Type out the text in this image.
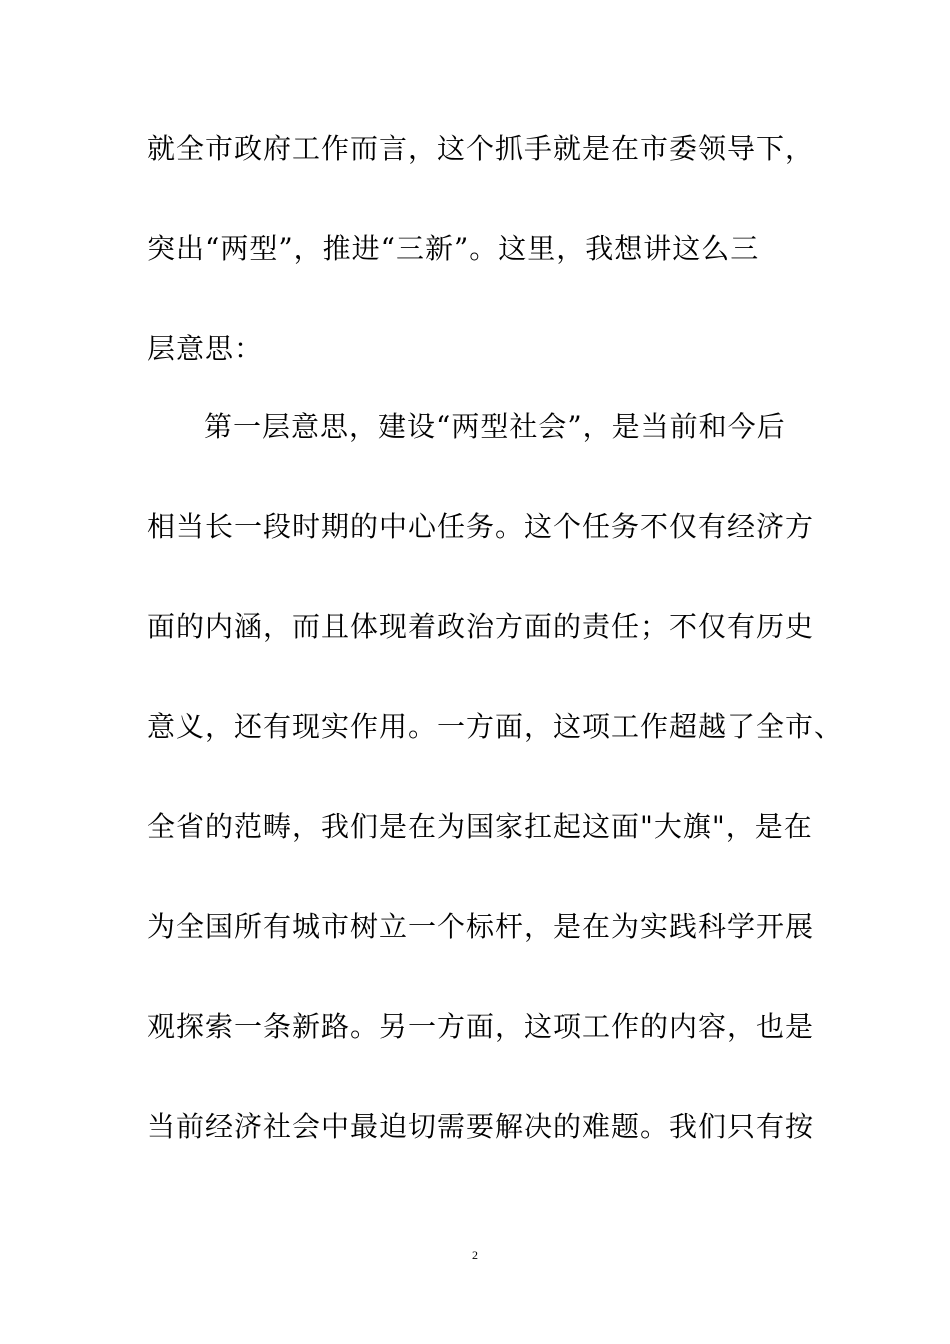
就全市政府工作而言，这个抓手就是在市委领导下，
突出“两型”，推进“三新”。这里，我想讲这么三
层意思：
第一层意思，建设“两型社会”，是当前和今后
相当长一段时期的中心任务。这个任务不仅有经济方
面的内涵，而且体现着政治方面的责任；不仅有历史
意义，还有现实作用。一方面，这项工作超越了全市、
全省的范畴，我们是在为国家扛起这面"大旗"，是在
为全国所有城市树立一个标杆，是在为实践科学开展
观探索一条新路。另一方面，这项工作的内容，也是
当前经济社会中最迫切需要解决的难题。我们只有按
2
